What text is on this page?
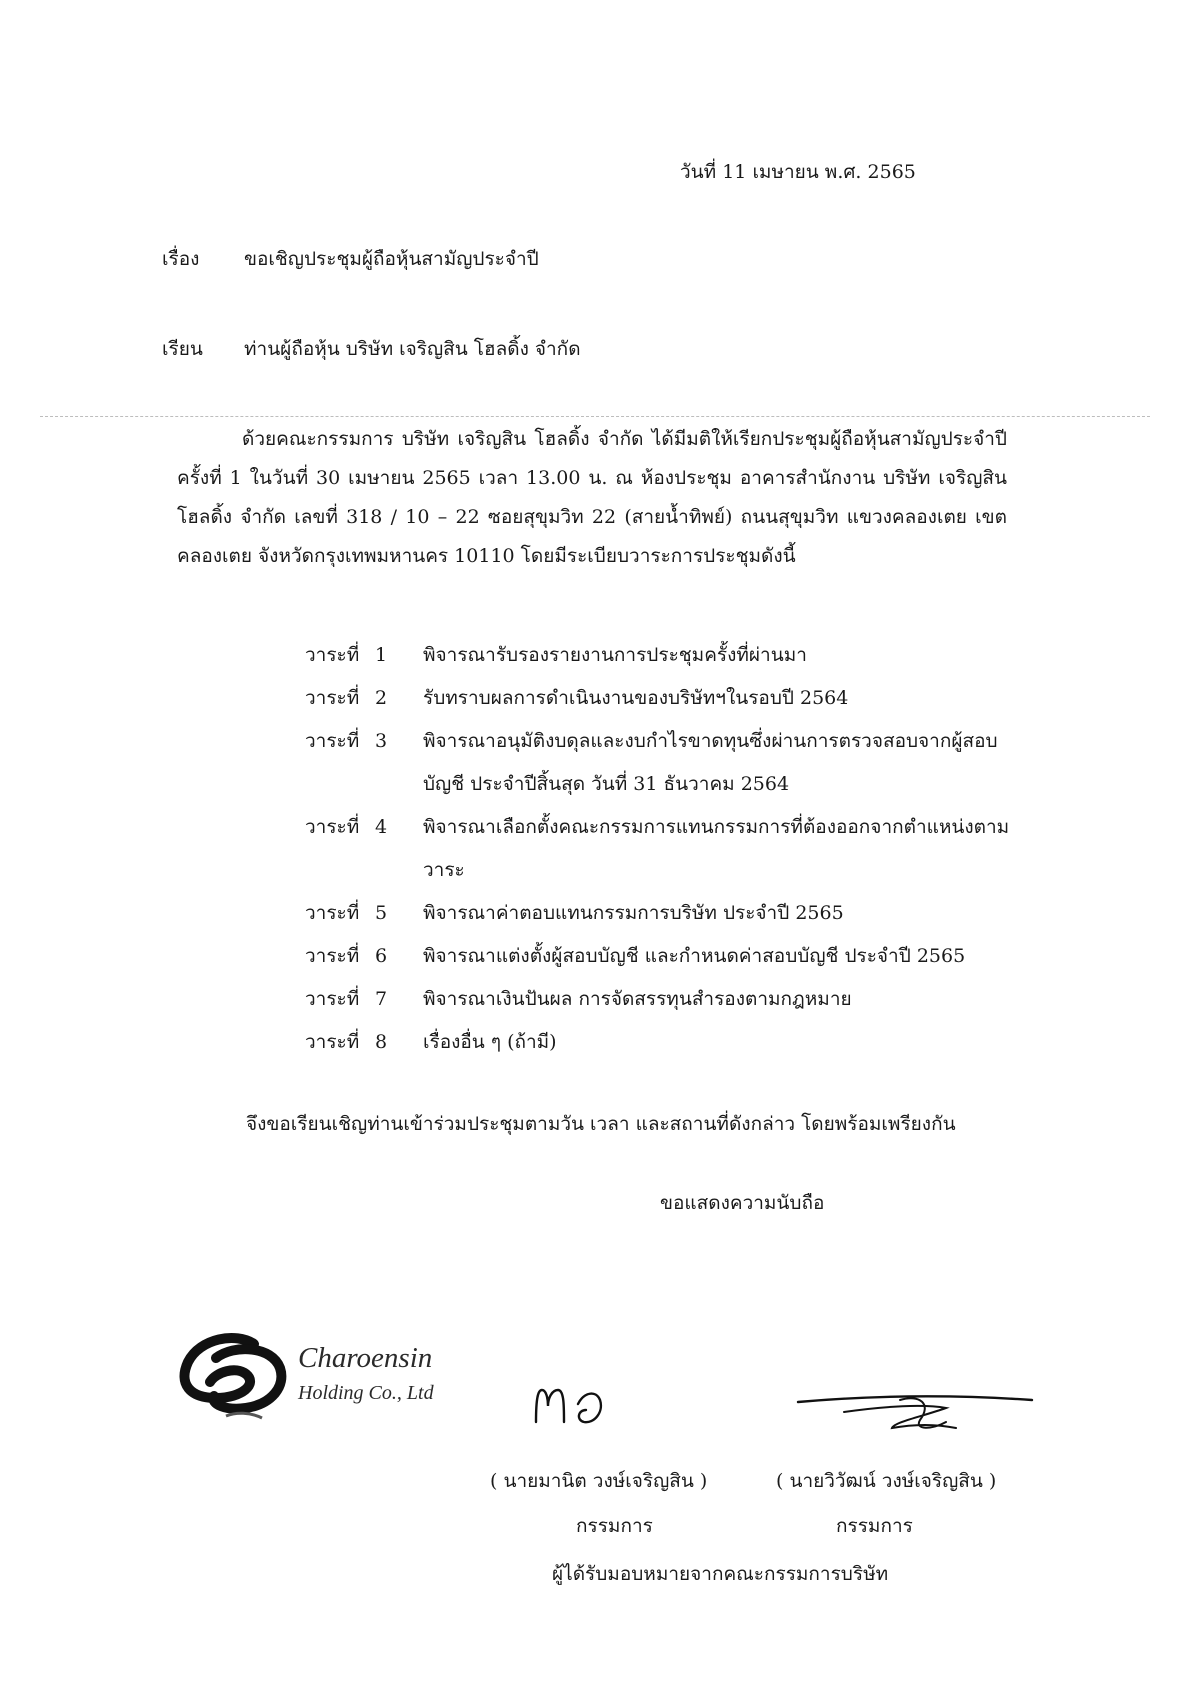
วันที่ 11 เมษายน พ.ศ. 2565
เรื่อง ขอเชิญประชุมผู้ถือหุ้นสามัญประจำปี
เรียน ท่านผู้ถือหุ้น บริษัท เจริญสิน โฮลดิ้ง จำกัด
ด้วยคณะกรรมการ บริษัท เจริญสิน โฮลดิ้ง จำกัด ได้มีมติให้เรียกประชุมผู้ถือหุ้นสามัญประจำปี ครั้งที่ 1 ในวันที่ 30 เมษายน 2565 เวลา 13.00 น. ณ ห้องประชุม อาคารสำนักงาน บริษัท เจริญสิน โฮลดิ้ง จำกัด เลขที่ 318 / 10 – 22 ซอยสุขุมวิท 22 (สายน้ำทิพย์) ถนนสุขุมวิท แขวงคลองเตย เขตคลองเตย จังหวัดกรุงเทพมหานคร 10110 โดยมีระเบียบวาระการประชุมดังนี้
วาระที่ 1	พิจารณารับรองรายงานการประชุมครั้งที่ผ่านมา
วาระที่ 2	รับทราบผลการดำเนินงานของบริษัทฯในรอบปี 2564
วาระที่ 3	พิจารณาอนุมัติงบดุลและงบกำไรขาดทุนซึ่งผ่านการตรวจสอบจากผู้สอบบัญชี ประจำปีสิ้นสุด วันที่ 31 ธันวาคม 2564
วาระที่ 4	พิจารณาเลือกตั้งคณะกรรมการแทนกรรมการที่ต้องออกจากตำแหน่งตามวาระ
วาระที่ 5	พิจารณาค่าตอบแทนกรรมการบริษัท ประจำปี 2565
วาระที่ 6	พิจารณาแต่งตั้งผู้สอบบัญชี และกำหนดค่าสอบบัญชี ประจำปี 2565
วาระที่ 7	พิจารณาเงินปันผล การจัดสรรทุนสำรองตามกฎหมาย
วาระที่ 8	เรื่องอื่น ๆ (ถ้ามี)
จึงขอเรียนเชิญท่านเข้าร่วมประชุมตามวัน เวลา และสถานที่ดังกล่าว โดยพร้อมเพรียงกัน
ขอแสดงความนับถือ
Charoensin
Holding Co., Ltd
( นายมานิต วงษ์เจริญสิน )	( นายวิวัฒน์ วงษ์เจริญสิน )
กรรมการ	กรรมการ
ผู้ได้รับมอบหมายจากคณะกรรมการบริษัท
